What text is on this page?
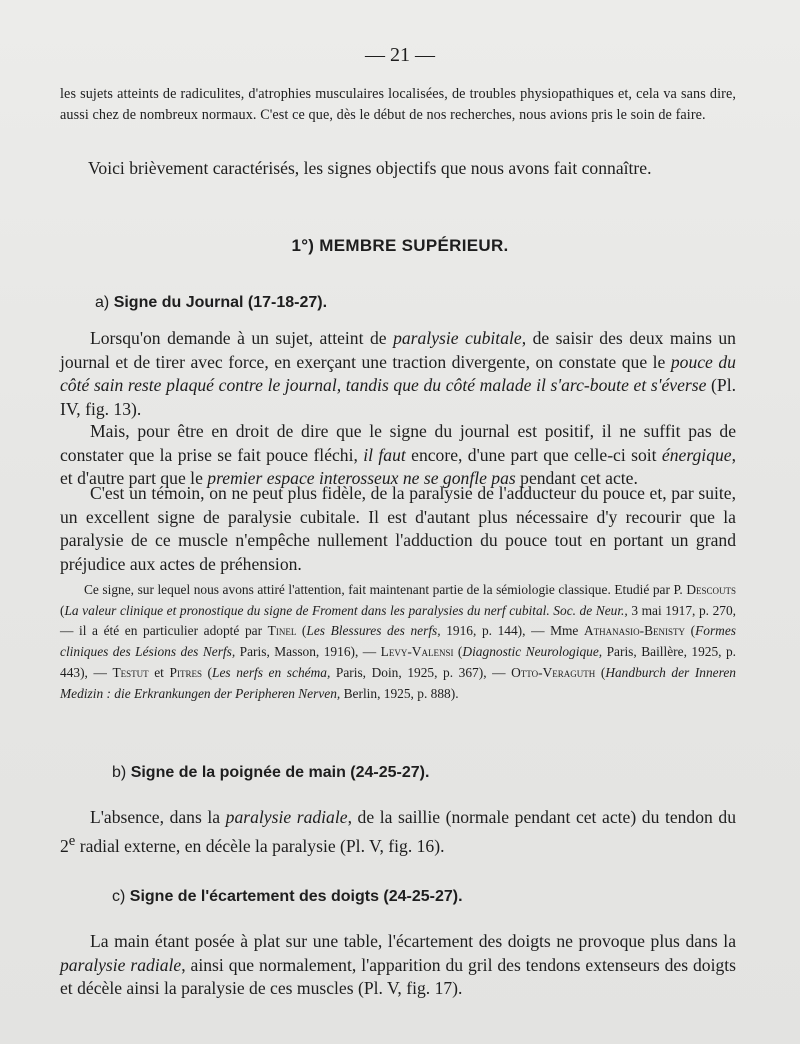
— 21 —
les sujets atteints de radiculites, d'atrophies musculaires localisées, de troubles physiopathiques et, cela va sans dire, aussi chez de nombreux normaux. C'est ce que, dès le début de nos recherches, nous avions pris le soin de faire.
Voici brièvement caractérisés, les signes objectifs que nous avons fait connaître.
1°) MEMBRE SUPÉRIEUR.
a) Signe du Journal (17-18-27).
Lorsqu'on demande à un sujet, atteint de paralysie cubitale, de saisir des deux mains un journal et de tirer avec force, en exerçant une traction divergente, on constate que le pouce du côté sain reste plaqué contre le journal, tandis que du côté malade il s'arc-boute et s'éverse (Pl. IV, fig. 13).
Mais, pour être en droit de dire que le signe du journal est positif, il ne suffit pas de constater que la prise se fait pouce fléchi, il faut encore, d'une part que celle-ci soit énergique, et d'autre part que le premier espace interosseux ne se gonfle pas pendant cet acte.
C'est un témoin, on ne peut plus fidèle, de la paralysie de l'adducteur du pouce et, par suite, un excellent signe de paralysie cubitale. Il est d'autant plus nécessaire d'y recourir que la paralysie de ce muscle n'empêche nullement l'adduction du pouce tout en portant un grand préjudice aux actes de préhension.
Ce signe, sur lequel nous avons attiré l'attention, fait maintenant partie de la sémiologie classique. Etudié par P. Descouts (La valeur clinique et pronostique du signe de Froment dans les paralysies du nerf cubital. Soc. de Neur., 3 mai 1917, p. 270, — il a été en particulier adopté par Tinel (Les Blessures des nerfs, 1916, p. 144), — Mme Athanasio-Benisty (Formes cliniques des Lésions des Nerfs, Paris, Masson, 1916), — Levy-Valensi (Diagnostic Neurologique, Paris, Baillère, 1925, p. 443), — Testut et Pitres (Les nerfs en schéma, Paris, Doin, 1925, p. 367), — Otto-Veraguth (Handburch der Inneren Medizin : die Erkrankungen der Peripheren Nerven, Berlin, 1925, p. 888).
b) Signe de la poignée de main (24-25-27).
L'absence, dans la paralysie radiale, de la saillie (normale pendant cet acte) du tendon du 2e radial externe, en décèle la paralysie (Pl. V, fig. 16).
c) Signe de l'écartement des doigts (24-25-27).
La main étant posée à plat sur une table, l'écartement des doigts ne provoque plus dans la paralysie radiale, ainsi que normalement, l'apparition du gril des tendons extenseurs des doigts et décèle ainsi la paralysie de ces muscles (Pl. V, fig. 17).
